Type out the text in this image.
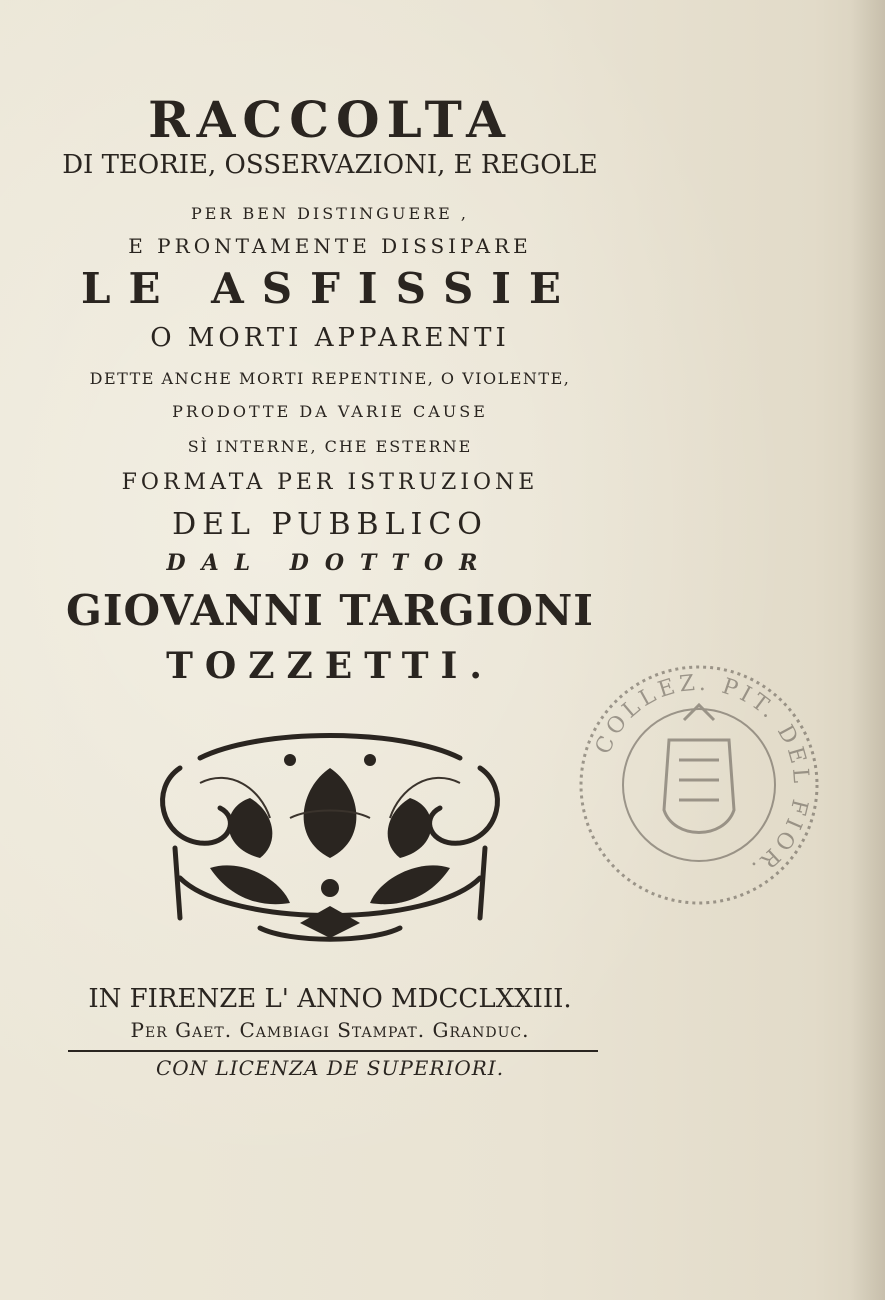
RACCOLTA
DI TEORIE, OSSERVAZIONI, E REGOLE
PER BEN DISTINGUERE ,
E PRONTAMENTE DISSIPARE
LE ASFISSIE
O MORTI APPARENTI
DETTE ANCHE MORTI REPENTINE, O VIOLENTE,
PRODOTTE DA VARIE CAUSE
SÌ INTERNE, CHE ESTERNE
FORMATA PER ISTRUZIONE
DEL PUBBLICO
DAL DOTTOR
GIOVANNI TARGIONI
TOZZETTI.
IN FIRENZE L' ANNO MDCCLXXIII.
Per Gaet. Cambiagi Stampat. Granduc.
CON LICENZA DE SUPERIORI.
COLLEZ. PIT. DEL FIOR.
